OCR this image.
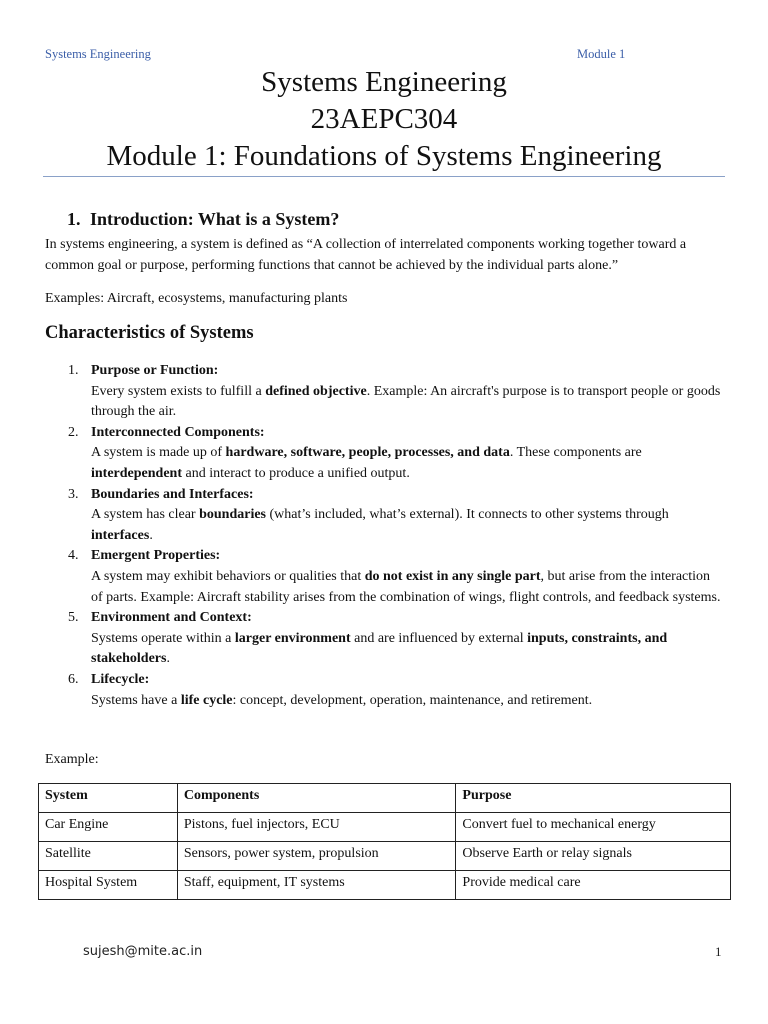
Systems Engineering	Module 1
Systems Engineering
23AEPC304
Module 1: Foundations of Systems Engineering
1. Introduction: What is a System?
In systems engineering, a system is defined as “A collection of interrelated components working together toward a common goal or purpose, performing functions that cannot be achieved by the individual parts alone.”
Examples: Aircraft, ecosystems, manufacturing plants
Characteristics of Systems
1. Purpose or Function:
Every system exists to fulfill a defined objective. Example: An aircraft's purpose is to transport people or goods through the air.
2. Interconnected Components:
A system is made up of hardware, software, people, processes, and data. These components are interdependent and interact to produce a unified output.
3. Boundaries and Interfaces:
A system has clear boundaries (what’s included, what’s external). It connects to other systems through interfaces.
4. Emergent Properties:
A system may exhibit behaviors or qualities that do not exist in any single part, but arise from the interaction of parts. Example: Aircraft stability arises from the combination of wings, flight controls, and feedback systems.
5. Environment and Context:
Systems operate within a larger environment and are influenced by external inputs, constraints, and stakeholders.
6. Lifecycle:
Systems have a life cycle: concept, development, operation, maintenance, and retirement.
Example:
System	Components	Purpose
Car Engine	Pistons, fuel injectors, ECU	Convert fuel to mechanical energy
Satellite	Sensors, power system, propulsion	Observe Earth or relay signals
Hospital System	Staff, equipment, IT systems	Provide medical care
sujesh@mite.ac.in	1
